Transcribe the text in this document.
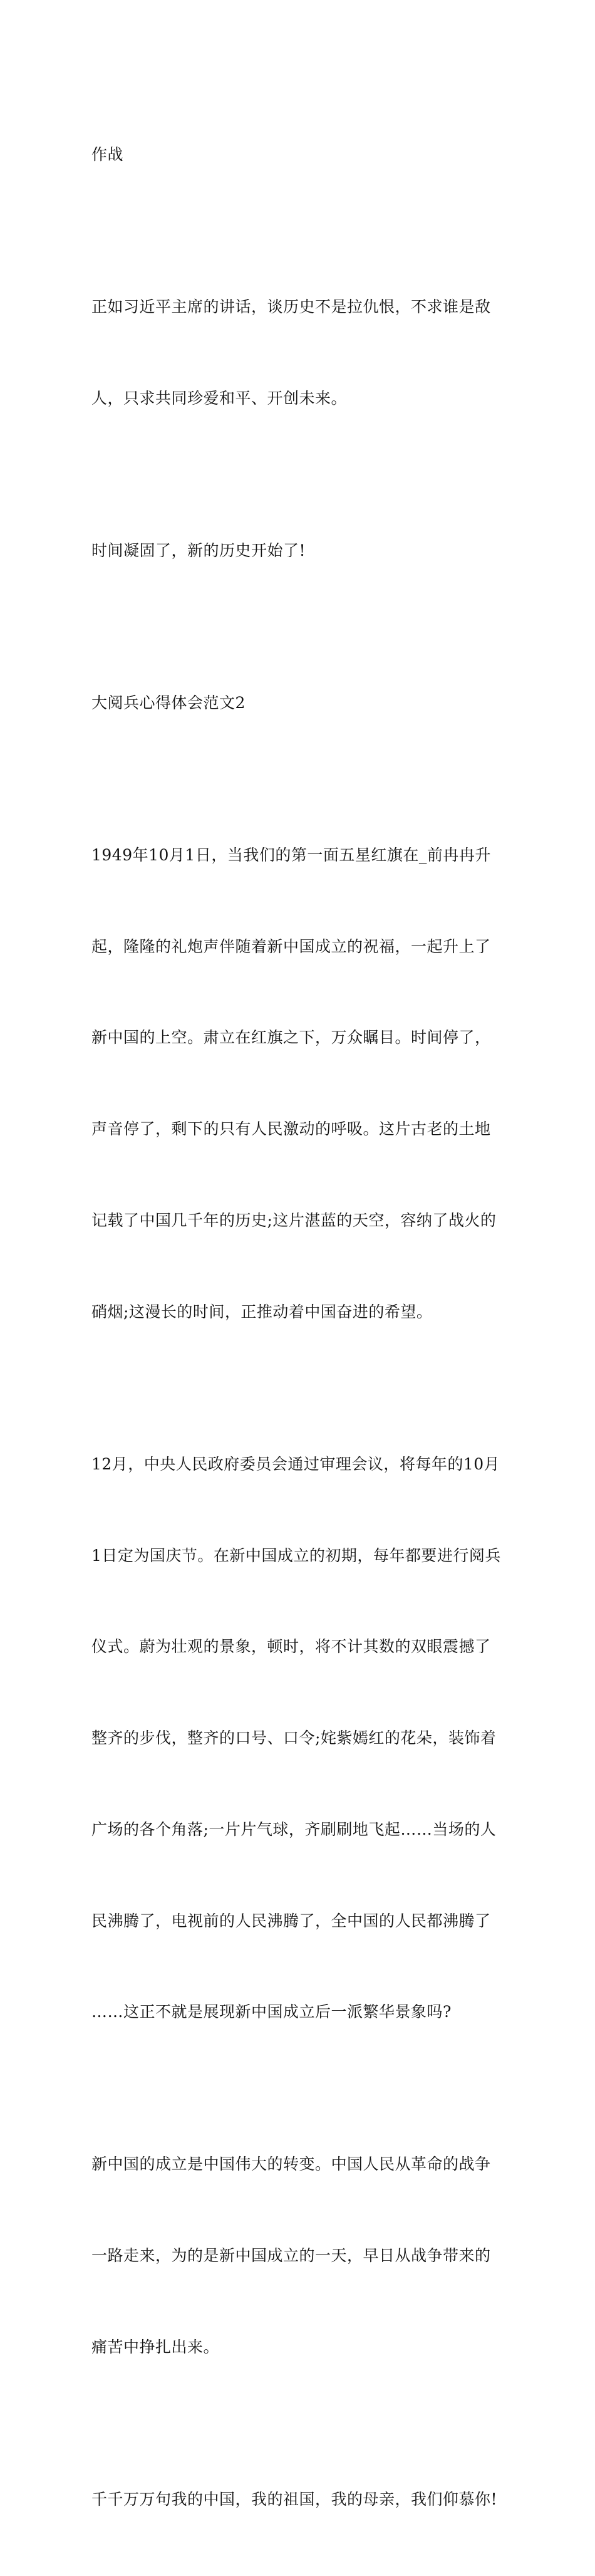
作战

正如习近平主席的讲话，谈历史不是拉仇恨，不求谁是敌

人，只求共同珍爱和平、开创未来。

时间凝固了，新的历史开始了!

大阅兵心得体会范文2

1949年10月1日，当我们的第一面五星红旗在_前冉冉升

起，隆隆的礼炮声伴随着新中国成立的祝福，一起升上了

新中国的上空。肃立在红旗之下，万众瞩目。时间停了，

声音停了，剩下的只有人民激动的呼吸。这片古老的土地

记载了中国几千年的历史;这片湛蓝的天空，容纳了战火的

硝烟;这漫长的时间，正推动着中国奋进的希望。

12月，中央人民政府委员会通过审理会议，将每年的10月

1日定为国庆节。在新中国成立的初期，每年都要进行阅兵

仪式。蔚为壮观的景象，顿时，将不计其数的双眼震撼了

整齐的步伐，整齐的口号、口令;姹紫嫣红的花朵，装饰着

广场的各个角落;一片片气球，齐刷刷地飞起……当场的人

民沸腾了，电视前的人民沸腾了，全中国的人民都沸腾了

……这正不就是展现新中国成立后一派繁华景象吗?

新中国的成立是中国伟大的转变。中国人民从革命的战争

一路走来，为的是新中国成立的一天，早日从战争带来的

痛苦中挣扎出来。

千千万万句我的中国，我的祖国，我的母亲，我们仰慕你!
